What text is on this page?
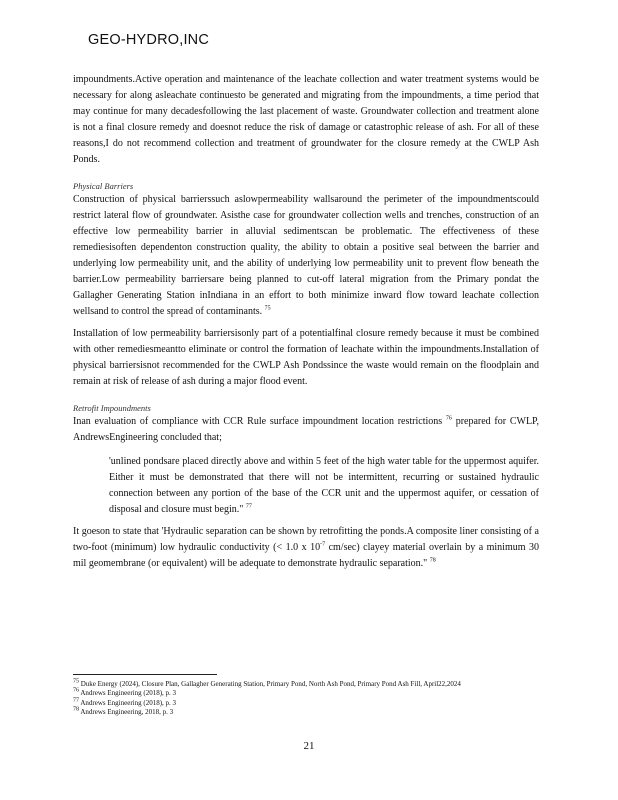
GEO-HYDRO,INC

impoundments.Active operation and maintenance of the leachate collection and water treatment systems would be necessary for along asleachate continuesto be generated and migrating from the impoundments, a time period that may continue for many decadesfollowing the last placement of waste. Groundwater collection and treatment alone is not a final closure remedy and doesnot reduce the risk of damage or catastrophic release of ash. For all of these reasons,I do not recommend collection and treatment of groundwater for the closure remedy at the CWLP Ash Ponds.

Physical Barriers

Construction of physical barrierssuch aslowpermeability wallsaround the perimeter of the impoundmentscould restrict lateral flow of groundwater. Asisthe case for groundwater collection wells and trenches, construction of an effective low permeability barrier in alluvial sedimentscan be problematic. The effectiveness of these remediesisoften dependenton construction quality, the ability to obtain a positive seal between the barrier and underlying low permeability unit, and the ability of underlying low permeability unit to prevent flow beneath the barrier.Low permeability barriersare being planned to cut-off lateral migration from the Primary pondat the Gallagher Generating Station inIndiana in an effort to both minimize inward flow toward leachate collection wellsand to control the spread of contaminants. $^{75}$

Installation of low permeability barriersisonly part of a potentialfinal closure remedy because it must be combined with other remediesmeantto eliminate or control the formation of leachate within the impoundments.Installation of physical barriersisnot recommended for the CWLP Ash Pondssince the waste would remain on the floodplain and remain at risk of release of ash during a major flood event.

Retrofit Impoundments

Inan evaluation of compliance with CCR Rule surface impoundment location restrictions $^{76}$ prepared for CWLP, AndrewsEngineering concluded that;

'unlined pondsare placed directly above and within 5 feet of the high water table for the uppermost aquifer. Either it must be demonstrated that there will not be intermittent, recurring or sustained hydraulic connection between any portion of the base of the CCR unit and the uppermost aquifer, or cessation of disposal and closure must begin." $^{77}$

It goeson to state that 'Hydraulic separation can be shown by retrofitting the ponds.A composite liner consisting of a two-foot (minimum) low hydraulic conductivity (< 1.0 x $10^{-7}$ cm/sec) clayey material overlain by a minimum 30 mil geomembrane (or equivalent) will be adequate to demonstrate hydraulic separation." $^{78}$

$^{75}$ Duke Energy (2024), Closure Plan, Gallagher Generating Station, Primary Pond, North Ash Pond, Primary Pond Ash Fill, April22,2024
$^{76}$ Andrews Engineering (2018), p. 3
$^{77}$ Andrews Engineering (2018), p. 3
$^{78}$ Andrews Engineering, 2018, p. 3
21
